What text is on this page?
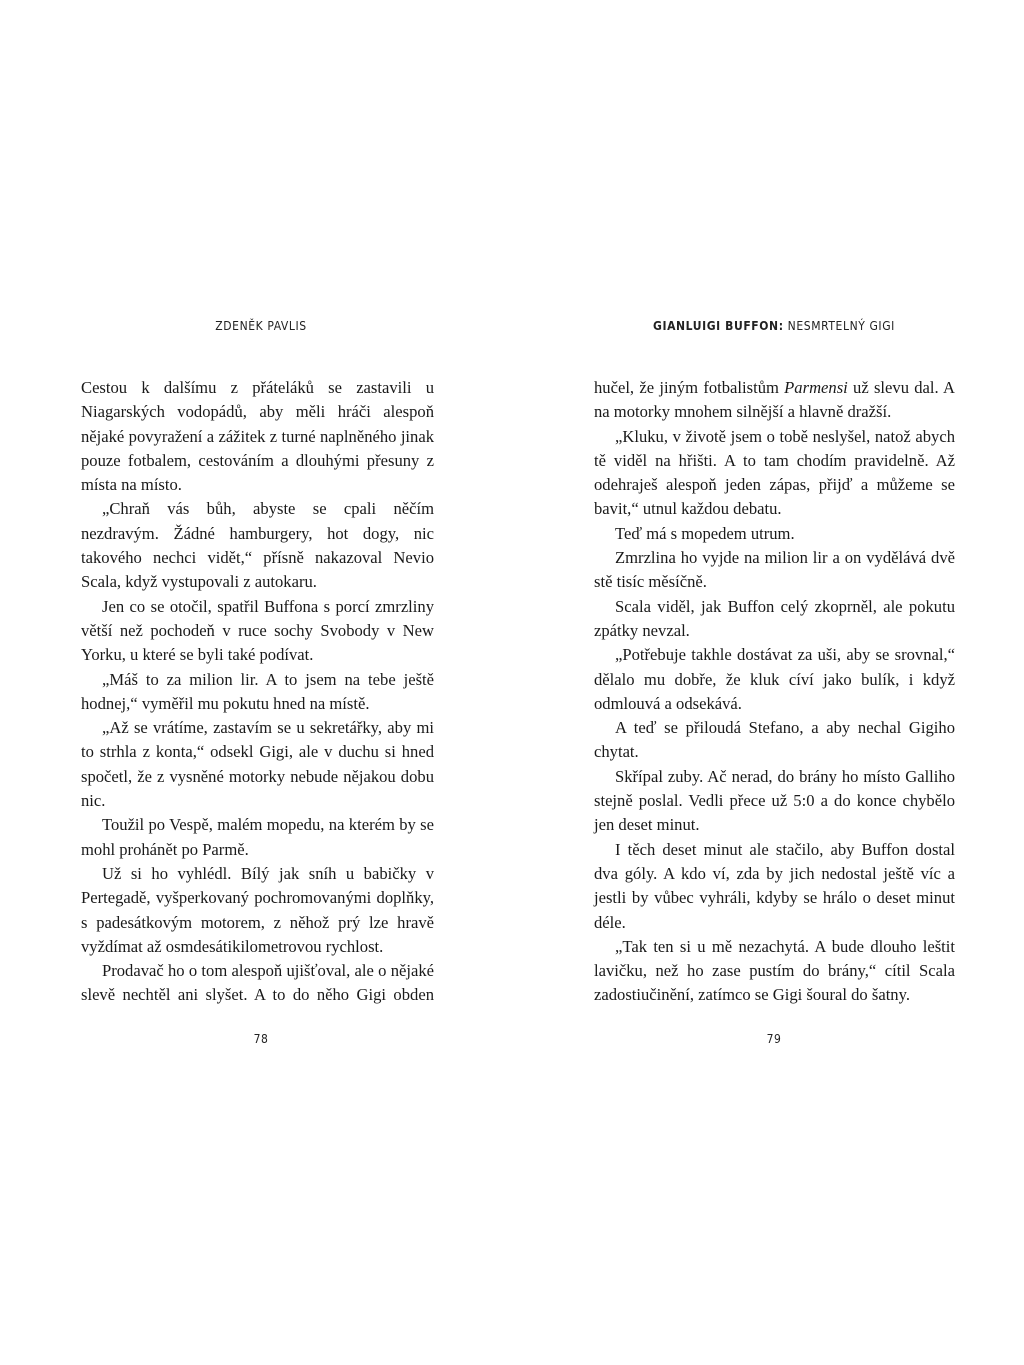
ZDENĚK PAVLIS

Cestou k dalšímu z přáteláků se zastavili u Niagarských vodopádů, aby měli hráči alespoň nějaké povyražení a zážitek z turné naplněného jinak pouze fotbalem, cestováním a dlouhými přesuny z místa na místo.

„Chraň vás bůh, abyste se cpali něčím nezdravým. Žádné hamburgery, hot dogy, nic takového nechci vidět,“ přísně nakazoval Nevio Scala, když vystupovali z autokaru.

Jen co se otočil, spatřil Buffona s porcí zmrzliny větší než pochodeň v ruce sochy Svobody v New Yorku, u které se byli také podívat.

„Máš to za milion lir. A to jsem na tebe ještě hodnej,“ vyměřil mu pokutu hned na místě.

„Až se vrátíme, zastavím se u sekretářky, aby mi to strhla z konta,“ odsekl Gigi, ale v duchu si hned spočetl, že z vysněné motorky nebude nějakou dobu nic.

Toužil po Vespě, malém mopedu, na kterém by se mohl prohánět po Parmě.

Už si ho vyhlédl. Bílý jak sníh u babičky v Pertegadě, vyšperkovaný pochromovanými doplňky, s padesátkovým motorem, z něhož prý lze hravě vyždímat až osmdesátikilometrovou rychlost.

Prodavač ho o tom alespoň ujišťoval, ale o nějaké slevě nechtěl ani slyšet. A to do něho Gigi obden

78
GIANLUIGI BUFFON: NESMRTELNÝ GIGI

hučel, že jiným fotbalistům Parmensi už slevu dal. A na motorky mnohem silnější a hlavně dražší.

„Kluku, v životě jsem o tobě neslyšel, natož abych tě viděl na hřišti. A to tam chodím pravidelně. Až odehraješ alespoň jeden zápas, přijď a můžeme se bavit,“ utnul každou debatu.

Teď má s mopedem utrum.

Zmrzlina ho vyjde na milion lir a on vydělává dvě stě tisíc měsíčně.

Scala viděl, jak Buffon celý zkoprněl, ale pokutu zpátky nevzal.

„Potřebuje takhle dostávat za uši, aby se srovnal,“ dělalo mu dobře, že kluk cíví jako bulík, i když odmlouvá a odsekává.

A teď se přiloudá Stefano, a aby nechal Gigiho chytat.

Skřípal zuby. Ač nerad, do brány ho místo Galliho stejně poslal. Vedli přece už 5:0 a do konce chybělo jen deset minut.

I těch deset minut ale stačilo, aby Buffon dostal dva góly. A kdo ví, zda by jich nedostal ještě víc a jestli by vůbec vyhráli, kdyby se hrálo o deset minut déle.

„Tak ten si u mě nezachytá. A bude dlouho leštit lavičku, než ho zase pustím do brány,“ cítil Scala zadostiučinění, zatímco se Gigi šoural do šatny.

79
